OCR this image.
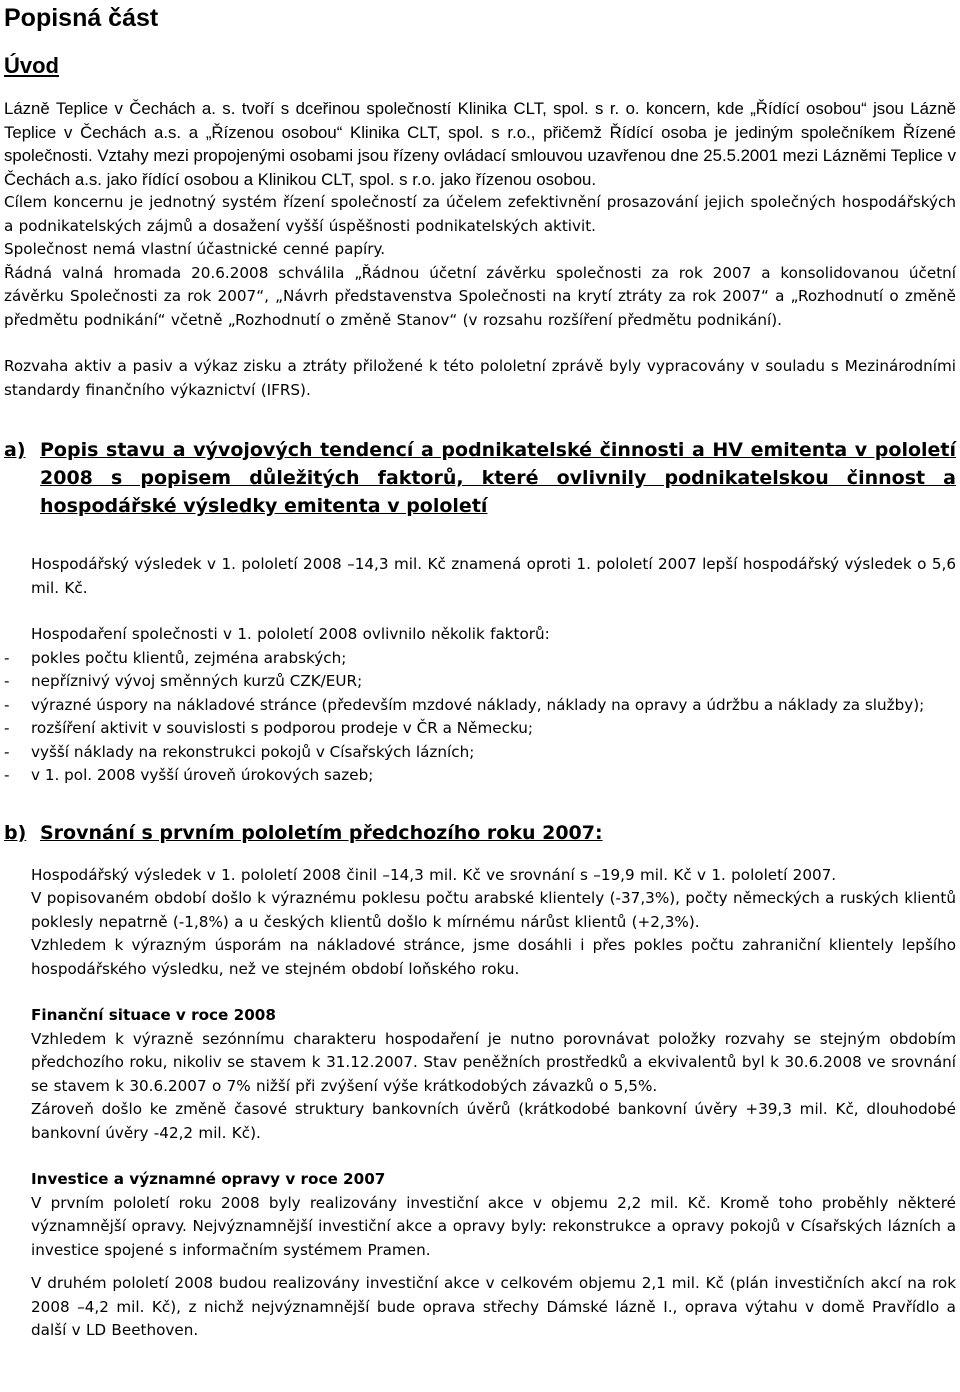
Popisná část
Úvod

Lázně Teplice v Čechách a. s. tvoří s dceřinou společností Klinika CLT, spol. s r. o. koncern, kde „Řídící osobou“ jsou Lázně Teplice v Čechách a.s. a „Řízenou osobou“ Klinika CLT, spol. s r.o., přičemž Řídící osoba je jediným společníkem Řízené společnosti. Vztahy mezi propojenými osobami jsou řízeny ovládací smlouvou uzavřenou dne 25.5.2001 mezi Lázněmi Teplice v Čechách a.s. jako řídící osobou a Klinikou CLT, spol. s r.o. jako řízenou osobou.

Cílem koncernu je jednotný systém řízení společností za účelem zefektivnění prosazování jejich společných hospodářských a podnikatelských zájmů a dosažení vyšší úspěšnosti podnikatelských aktivit.

Společnost nemá vlastní účastnické cenné papíry.

Řádná valná hromada 20.6.2008 schválila „Řádnou účetní závěrku společnosti za rok 2007 a konsolidovanou účetní závěrku Společnosti za rok 2007“, „Návrh představenstva Společnosti na krytí ztráty za rok 2007“ a „Rozhodnutí o změně předmětu podnikání“ včetně „Rozhodnutí o změně Stanov“ (v rozsahu rozšíření předmětu podnikání).

Rozvaha aktiv a pasiv a výkaz zisku a ztráty přiložené k této pololetní zprávě byly vypracovány v souladu s Mezinárodními standardy finančního výkaznictví (IFRS).

a) Popis stavu a vývojových tendencí a podnikatelské činnosti a HV emitenta v pololetí 2008 s popisem důležitých faktorů, které ovlivnily podnikatelskou činnost a hospodářské výsledky emitenta v pololetí

Hospodářský výsledek v 1. pololetí 2008 –14,3 mil. Kč znamená oproti 1. pololetí 2007 lepší hospodářský výsledek o 5,6 mil. Kč.

Hospodaření společnosti v 1. pololetí 2008 ovlivnilo několik faktorů:

-	pokles počtu klientů, zejména arabských;
-	nepříznivý vývoj směnných kurzů CZK/EUR;
-	výrazné úspory na nákladové stránce (především mzdové náklady, náklady na opravy a údržbu a náklady za služby);
-	rozšíření aktivit v souvislosti s podporou prodeje v ČR a Německu;
-	vyšší náklady na rekonstrukci pokojů v Císařských lázních;
-	v 1. pol. 2008 vyšší úroveň úrokových sazeb;
b) Srovnání s prvním pololetím předchozího roku 2007:

Hospodářský výsledek v 1. pololetí 2008 činil –14,3 mil. Kč ve srovnání s –19,9 mil. Kč v 1. pololetí 2007.

V popisovaném období došlo k výraznému poklesu počtu arabské klientely (-37,3%), počty německých a ruských klientů poklesly nepatrně (-1,8%) a u českých klientů došlo k mírnému nárůst klientů (+2,3%).

Vzhledem k výrazným úsporám na nákladové stránce, jsme dosáhli i přes pokles počtu zahraniční klientely lepšího hospodářského výsledku, než ve stejném období loňského roku.

Finanční situace v roce 2008

Vzhledem k výrazně sezónnímu charakteru hospodaření je nutno porovnávat položky rozvahy se stejným obdobím předchozího roku, nikoliv se stavem k 31.12.2007. Stav peněžních prostředků a ekvivalentů byl k 30.6.2008 ve srovnání se stavem k 30.6.2007 o 7% nižší při zvýšení výše krátkodobých závazků o 5,5%.

Zároveň došlo ke změně časové struktury bankovních úvěrů (krátkodobé bankovní úvěry +39,3 mil. Kč, dlouhodobé bankovní úvěry -42,2 mil. Kč).

Investice a významné opravy v roce 2007

V prvním pololetí roku 2008 byly realizovány investiční akce v objemu 2,2 mil. Kč. Kromě toho proběhly některé významnější opravy. Nejvýznamnější investiční akce a opravy byly: rekonstrukce a opravy pokojů v Císařských lázních a investice spojené s informačním systémem Pramen.

V druhém pololetí 2008 budou realizovány investiční akce v celkovém objemu 2,1 mil. Kč (plán investičních akcí na rok 2008 –4,2 mil. Kč), z nichž nejvýznamnější bude oprava střechy Dámské lázně I., oprava výtahu v domě Pravřídlo a další v LD Beethoven.
